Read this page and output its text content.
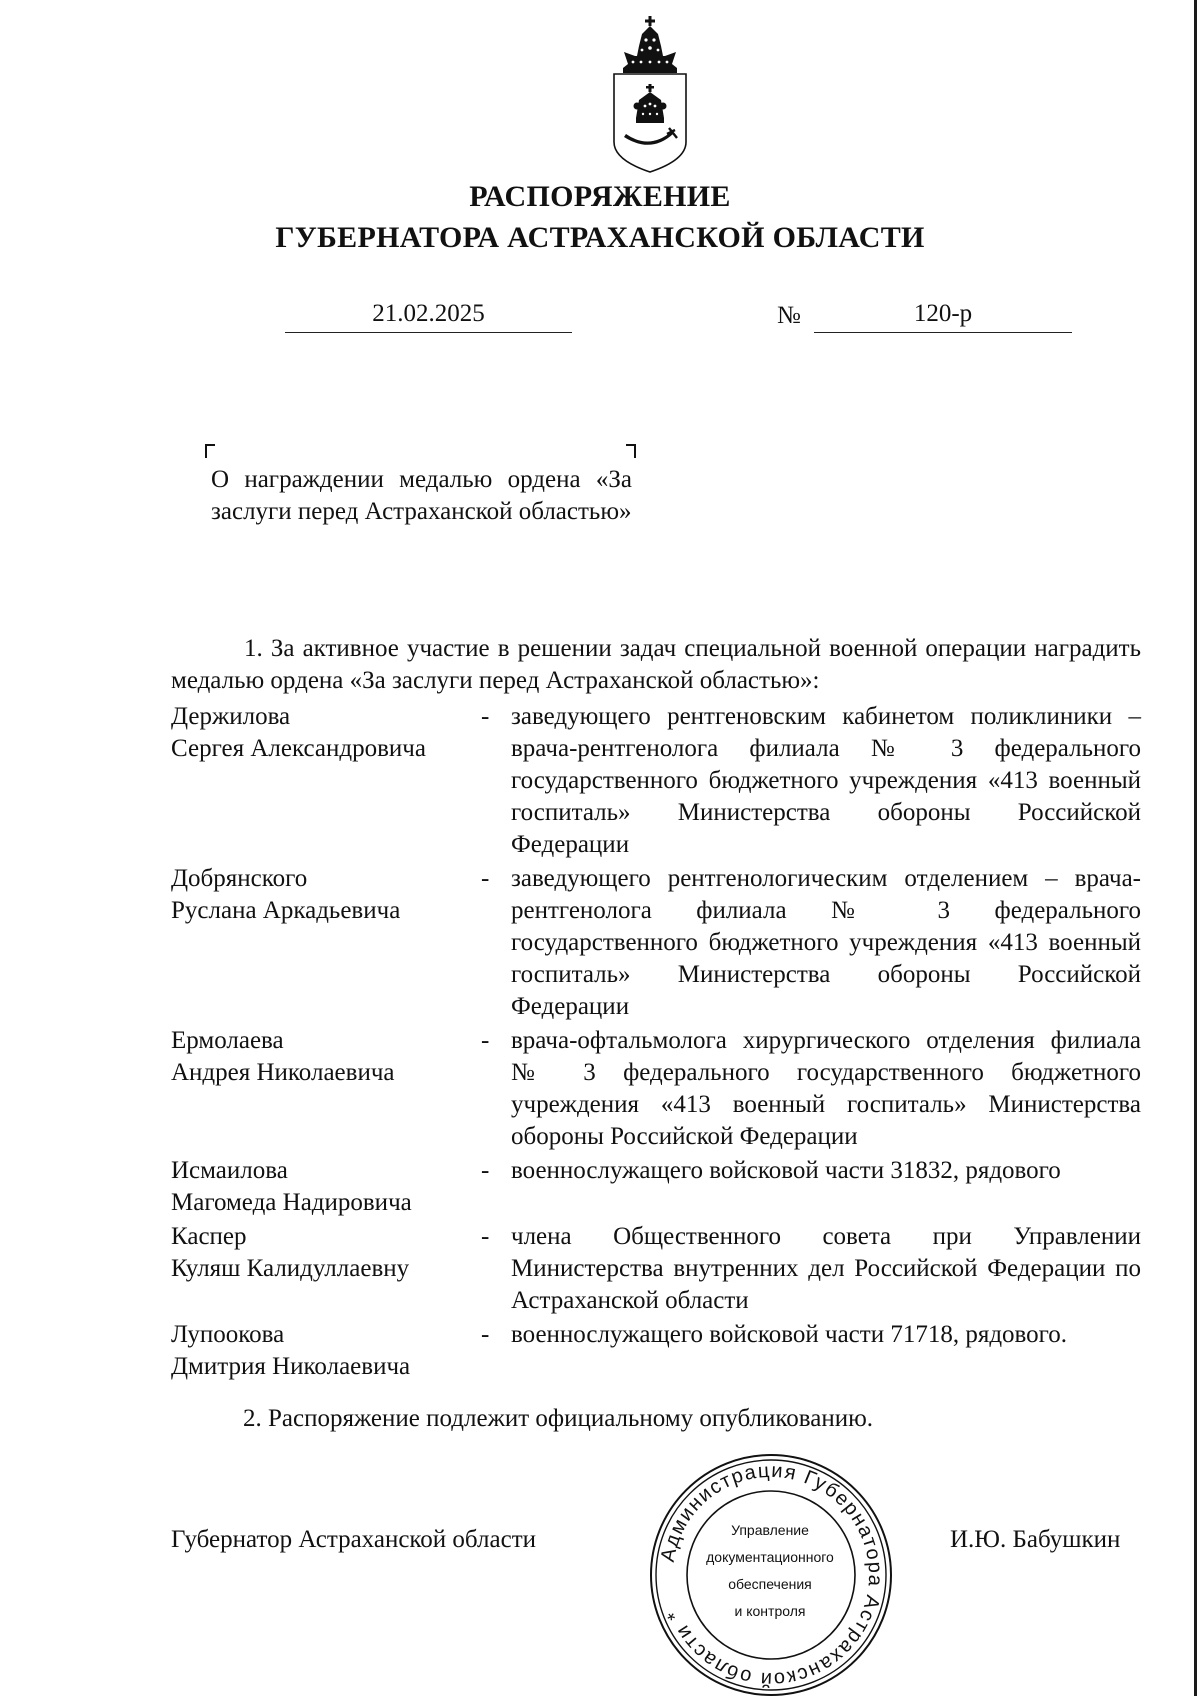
РАСПОРЯЖЕНИЕ
ГУБЕРНАТОРА АСТРАХАНСКОЙ ОБЛАСТИ
21.02.2025	№	120-р
О награждении медалью ордена «За заслуги перед Астраханской областью»
1. За активное участие в решении задач специальной военной операции наградить медалью ордена «За заслуги перед Астраханской областью»:
Держилова
Сергея Александровича
- заведующего рентгеновским кабинетом поликлиники – врача-рентгенолога филиала № 3 федерального государственного бюджетного учреждения «413 военный госпиталь» Министерства обороны Российской Федерации
Добрянского
Руслана Аркадьевича
- заведующего рентгенологическим отделением – врача-рентгенолога филиала № 3 федерального государственного бюджетного учреждения «413 военный госпиталь» Министерства обороны Российской Федерации
Ермолаева
Андрея Николаевича
- врача-офтальмолога хирургического отделения филиала № 3 федерального государственного бюджетного учреждения «413 военный госпиталь» Министерства обороны Российской Федерации
Исмаилова
Магомеда Надировича
- военнослужащего войсковой части 31832, рядового
Каспер
Куляш Калидуллаевну
- члена Общественного совета при Управлении Министерства внутренних дел Российской Федерации по Астраханской области
Лупоокова
Дмитрия Николаевича
- военнослужащего войсковой части 71718, рядового.
2. Распоряжение подлежит официальному опубликованию.
Губернатор Астраханской области
Администрация Губернатора Астраханской области *
Управление
документационного
обеспечения
и контроля
И.Ю. Бабушкин
